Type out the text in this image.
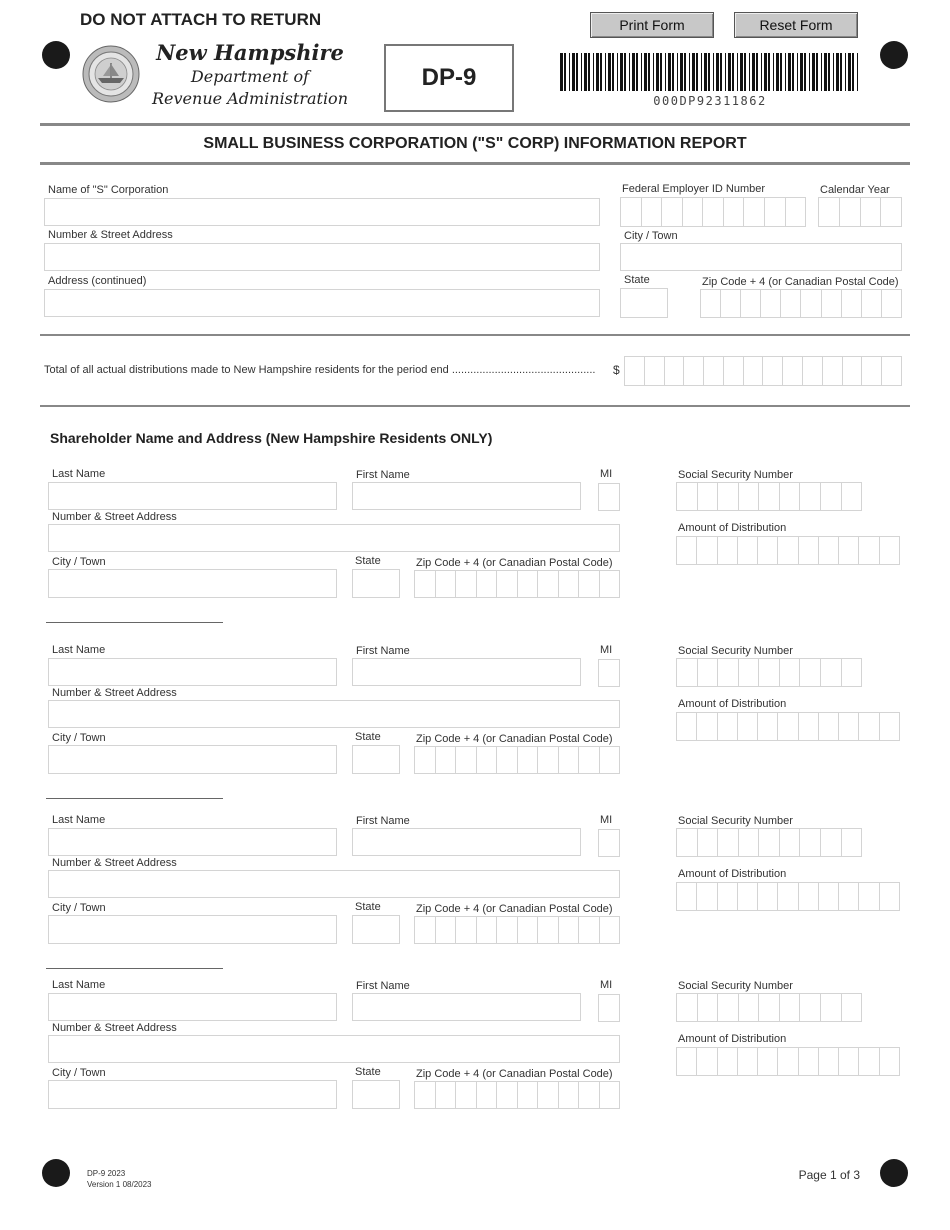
DO NOT ATTACH TO RETURN
New Hampshire
Department of
Revenue Administration
DP-9
Print Form	Reset Form
000DP92311862
SMALL BUSINESS CORPORATION ("S" CORP) INFORMATION REPORT
Name of "S" Corporation	Federal Employer ID Number	Calendar Year
Number & Street Address	City / Town
Address (continued)	State	Zip Code + 4 (or Canadian Postal Code)
Total of all actual distributions made to New Hampshire residents for the period end ...............................................	$
Shareholder Name and Address (New Hampshire Residents ONLY)
Last Name	First Name	MI	Social Security Number
Number & Street Address
Amount of Distribution
City / Town	State	Zip Code + 4 (or Canadian Postal Code)
Last Name	First Name	MI	Social Security Number
Number & Street Address
Amount of Distribution
City / Town	State	Zip Code + 4 (or Canadian Postal Code)
Last Name	First Name	MI	Social Security Number
Number & Street Address
Amount of Distribution
City / Town	State	Zip Code + 4 (or Canadian Postal Code)
Last Name	First Name	MI	Social Security Number
Number & Street Address
Amount of Distribution
City / Town	State	Zip Code + 4 (or Canadian Postal Code)
DP-9 2023
Version 1 08/2023
Page 1 of 3
